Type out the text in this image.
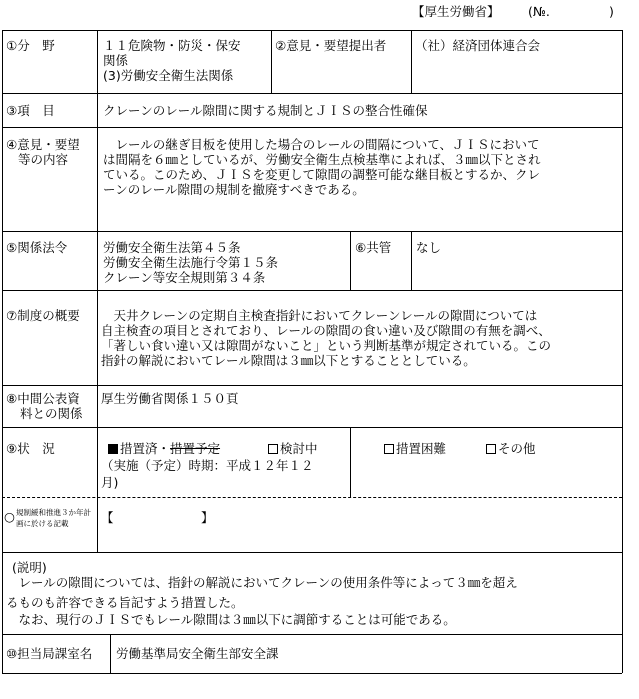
【厚生労働省】 (№.	)
①分　野	１１危険物・防災・保安
関係
(3)労働安全衛生法関係
②意見・要望提出者 （社）経済団体連合会
③項　目	クレーンのレール隙間に関する規制とＪＩＳの整合性確保
④意見・要望
等の内容
　レールの継ぎ目板を使用した場合のレールの間隔について、ＪＩＳにおいて
は間隔を６㎜としているが、労働安全衛生点検基準によれば、３㎜以下とされ
ている。このため、ＪＩＳを変更して隙間の調整可能な継目板とするか、クレ
ーンのレール隙間の規制を撤廃すべきである。
⑤関係法令	労働安全衛生法第４５条
労働安全衛生法施行令第１５条
クレーン等安全規則第３４条
⑥共管 なし
⑦制度の概要 　天井クレーンの定期自主検査指針においてクレーンレールの隙間については
自主検査の項目とされており、レールの隙間の食い違い及び隙間の有無を調べ、
「著しい食い違い又は隙間がないこと」という判断基準が規定されている。この
指針の解説においてレール隙間は３㎜以下とすることとしている。
⑧中間公表資
料との関係
厚生労働省関係１５０頁
⑨状　況	措置済・措置予定	検討中	措置困難	その他
（実施（予定）時期：平成１２年１２
月)
○ 規制緩和推進３か年計
画に於ける記載	【　　　　　　　】
(説明)
　レールの隙間については、指針の解説においてクレーンの使用条件等によって３㎜を超え
るものも許容できる旨記すよう措置した。
　なお、現行のＪＩＳでもレール隙間は３㎜以下に調節することは可能である。
⑩担当局課室名 労働基準局安全衛生部安全課
